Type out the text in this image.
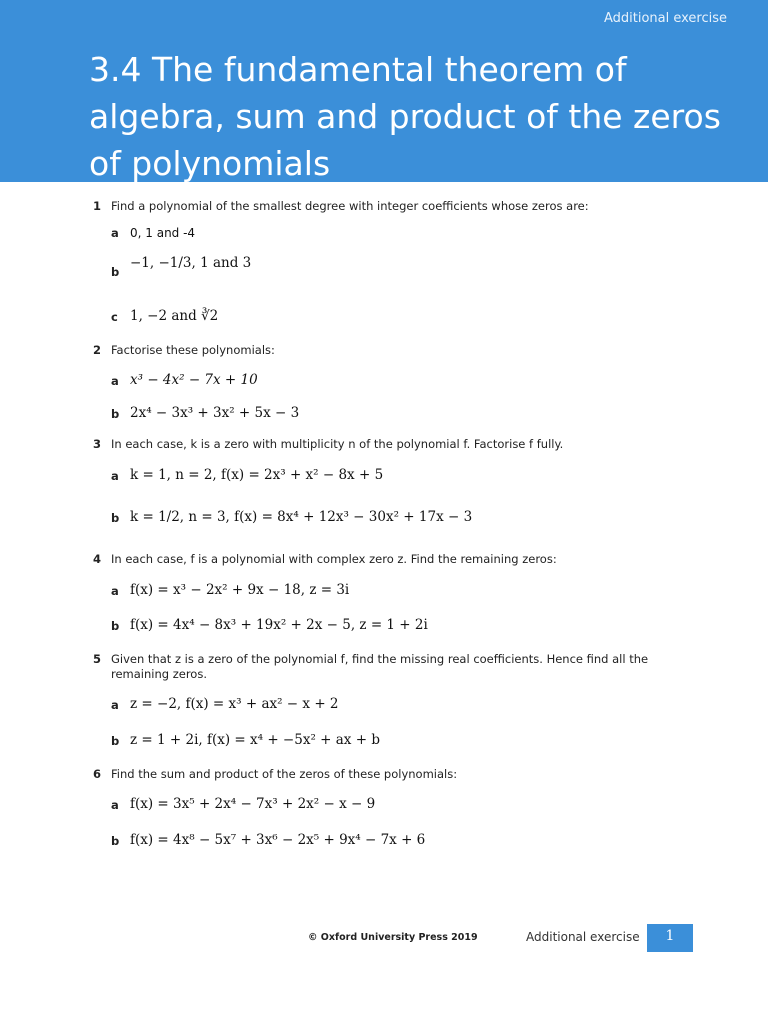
Additional exercise
3.4 The fundamental theorem of algebra, sum and product of the zeros of polynomials
1 Find a polynomial of the smallest degree with integer coefficients whose zeros are:
a 0, 1 and -4
b
−1, −1/3, 1 and 3
c 1, −2 and ∛2
2 Factorise these polynomials:
a x³ − 4x² − 7x + 10
b 2x⁴ − 3x³ + 3x² + 5x − 3
3 In each case, k is a zero with multiplicity n of the polynomial f. Factorise f fully.
a k = 1, n = 2, f(x) = 2x³ + x² − 8x + 5
b k = 1/2, n = 3, f(x) = 8x⁴ + 12x³ − 30x² + 17x − 3
4 In each case, f is a polynomial with complex zero z. Find the remaining zeros:
a f(x) = x³ − 2x² + 9x − 18, z = 3i
b f(x) = 4x⁴ − 8x³ + 19x² + 2x − 5, z = 1 + 2i
5 Given that z is a zero of the polynomial f, find the missing real coefficients. Hence find all the remaining zeros.
a z = −2, f(x) = x³ + ax² − x + 2
b z = 1 + 2i, f(x) = x⁴ + −5x² + ax + b
6 Find the sum and product of the zeros of these polynomials:
a f(x) = 3x⁵ + 2x⁴ − 7x³ + 2x² − x − 9
b f(x) = 4x⁸ − 5x⁷ + 3x⁶ − 2x⁵ + 9x⁴ − 7x + 6
© Oxford University Press 2019	Additional exercise	1
